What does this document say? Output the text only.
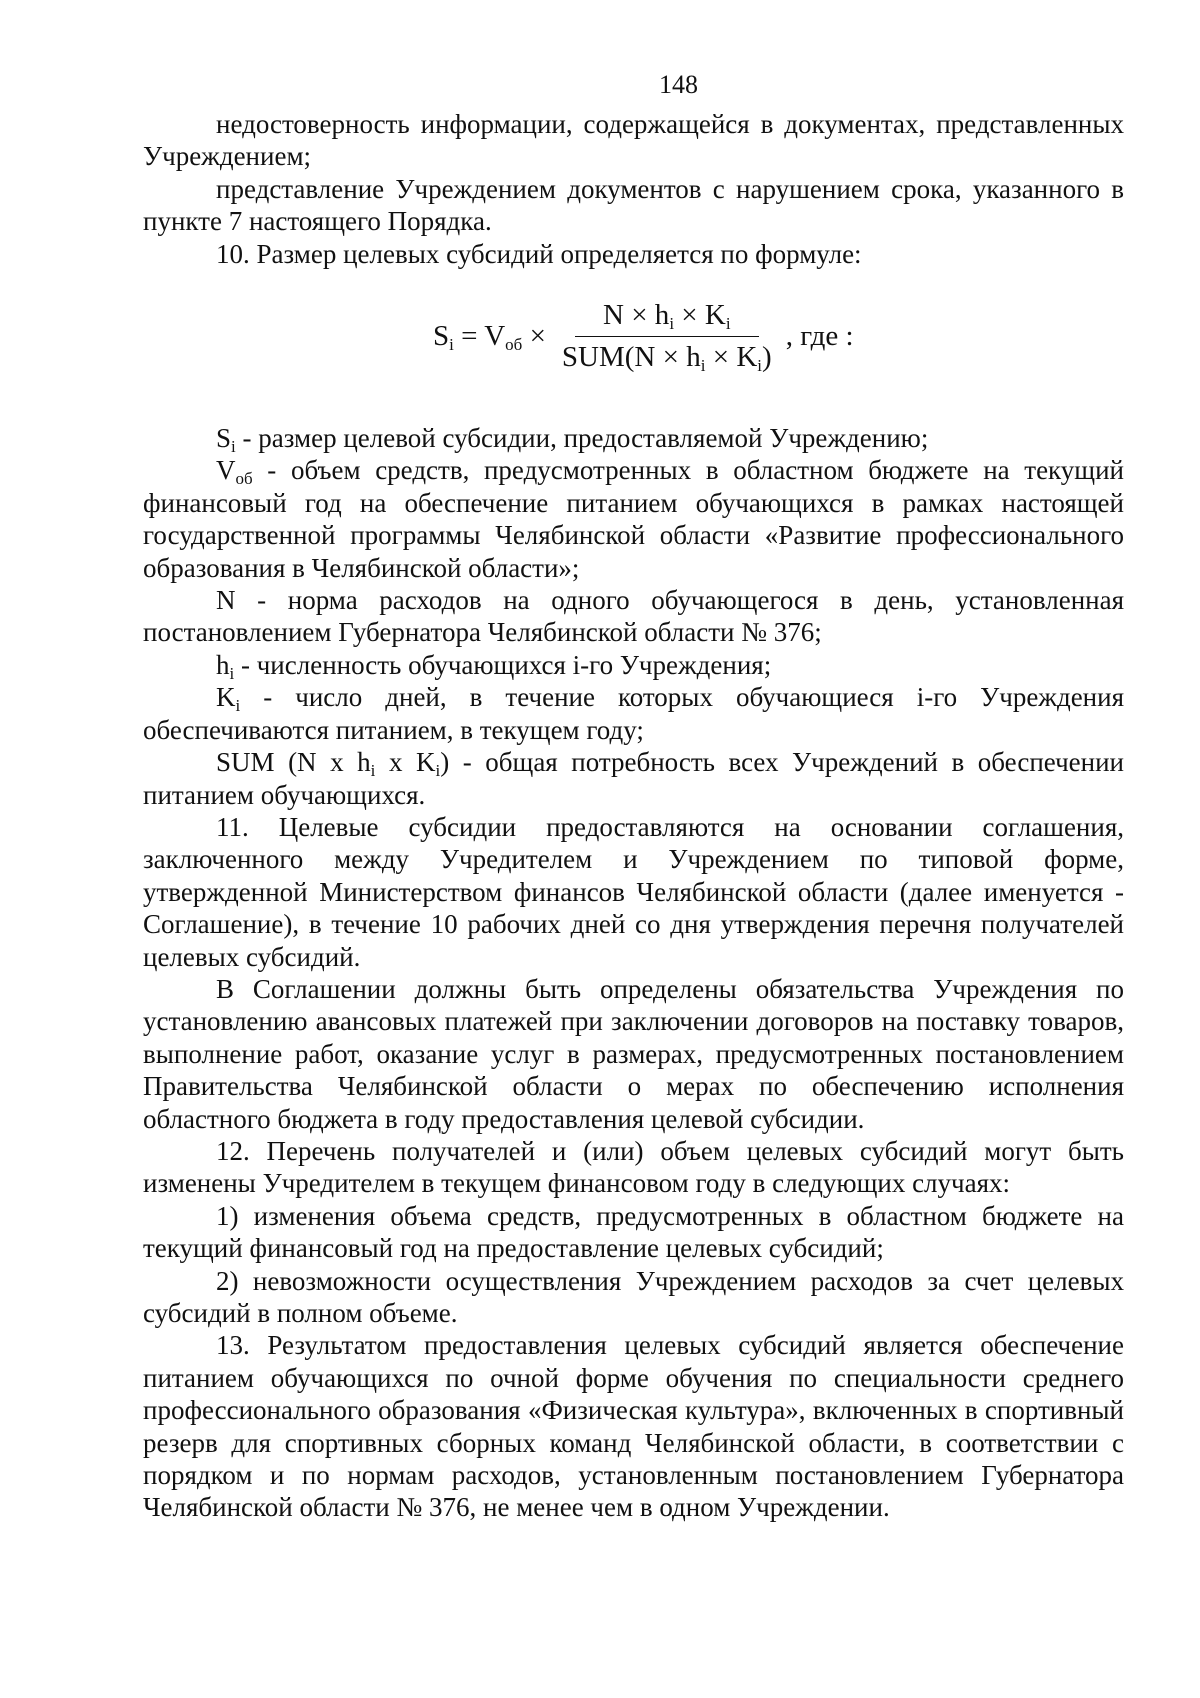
148

недостоверность информации, содержащейся в документах, представленных Учреждением;

представление Учреждением документов с нарушением срока, указанного в пункте 7 настоящего Порядка.

10. Размер целевых субсидий определяется по формуле:

$S_i = V_{об} \times \frac{N \times h_i \times K_i}{SUM(N \times h_i \times K_i)}$ , где :

$S_i$ - размер целевой субсидии, предоставляемой Учреждению;

$V_{об}$ - объем средств, предусмотренных в областном бюджете на текущий финансовый год на обеспечение питанием обучающихся в рамках настоящей государственной программы Челябинской области «Развитие профессионального образования в Челябинской области»;

N - норма расходов на одного обучающегося в день, установленная постановлением Губернатора Челябинской области № 376;

$h_i$ - численность обучающихся i-го Учреждения;

$K_i$ - число дней, в течение которых обучающиеся i-го Учреждения обеспечиваются питанием, в текущем году;

SUM (N x $h_i$ x $K_i$) - общая потребность всех Учреждений в обеспечении питанием обучающихся.

11. Целевые субсидии предоставляются на основании соглашения, заключенного между Учредителем и Учреждением по типовой форме, утвержденной Министерством финансов Челябинской области (далее именуется - Соглашение), в течение 10 рабочих дней со дня утверждения перечня получателей целевых субсидий.

В Соглашении должны быть определены обязательства Учреждения по установлению авансовых платежей при заключении договоров на поставку товаров, выполнение работ, оказание услуг в размерах, предусмотренных постановлением Правительства Челябинской области о мерах по обеспечению исполнения областного бюджета в году предоставления целевой субсидии.

12. Перечень получателей и (или) объем целевых субсидий могут быть изменены Учредителем в текущем финансовом году в следующих случаях:

1) изменения объема средств, предусмотренных в областном бюджете на текущий финансовый год на предоставление целевых субсидий;

2) невозможности осуществления Учреждением расходов за счет целевых субсидий в полном объеме.

13. Результатом предоставления целевых субсидий является обеспечение питанием обучающихся по очной форме обучения по специальности среднего профессионального образования «Физическая культура», включенных в спортивный резерв для спортивных сборных команд Челябинской области, в соответствии с порядком и по нормам расходов, установленным постановлением Губернатора Челябинской области № 376, не менее чем в одном Учреждении.
